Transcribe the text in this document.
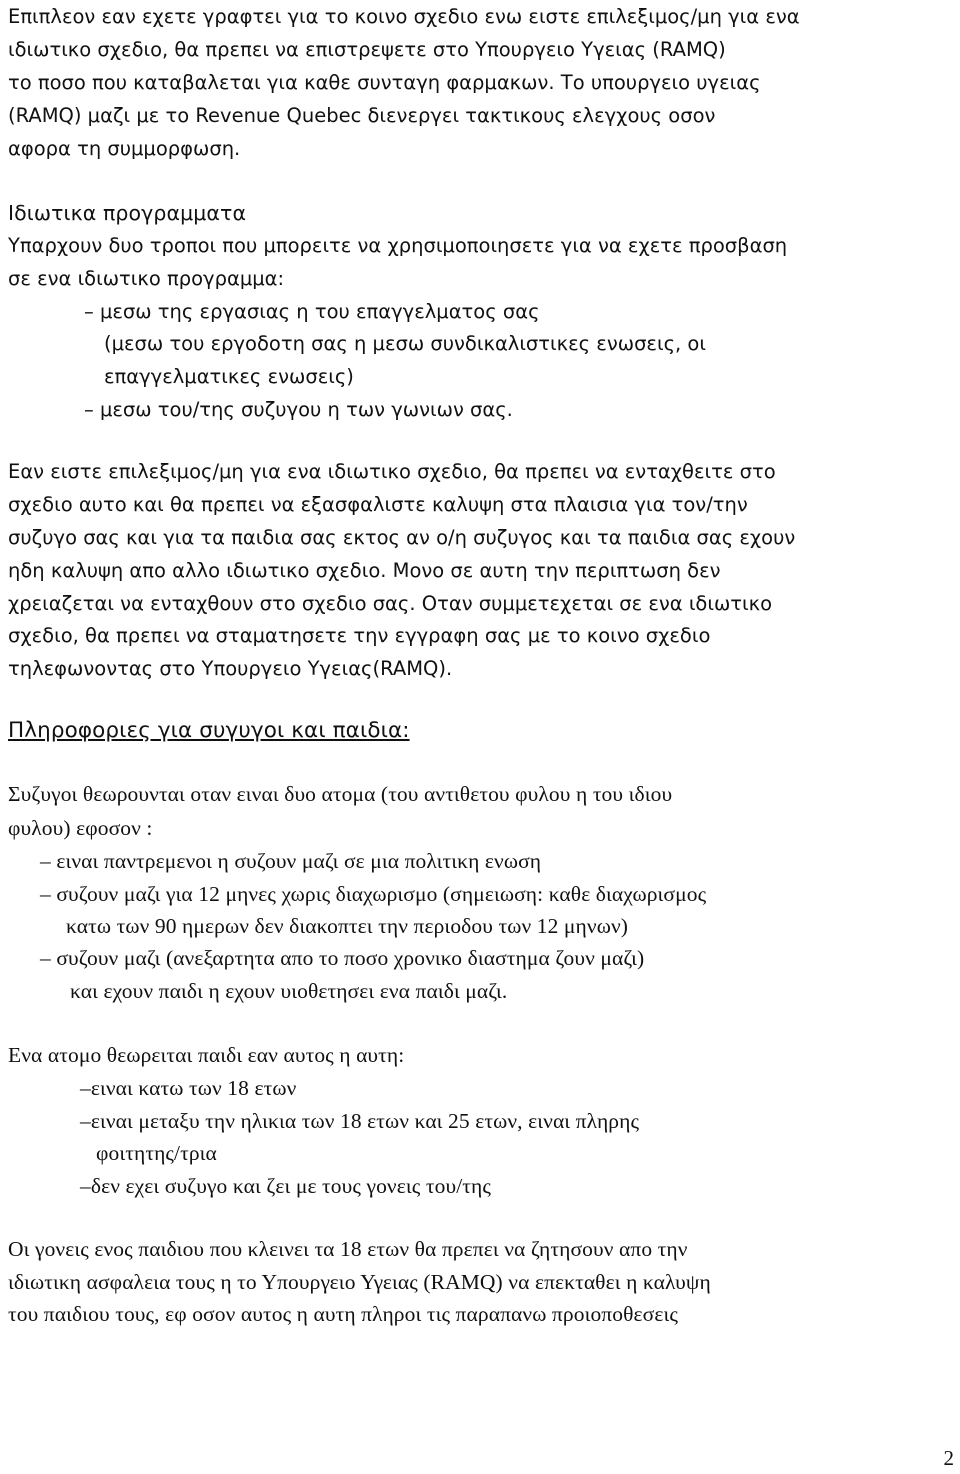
Επιπλεον εαν εχετε γραφτει για το κοινο σχεδιο ενω ειστε επιλεξιμος/μη για ενα
ιδιωτικο σχεδιο, θα πρεπει να επιστρεψετε στο Υπουργειο Υγειας (RAMQ)
το ποσο που καταβαλεται για καθε συνταγη φαρμακων. Το υπουργειο υγειας
(RAMQ) μαζι με το Revenue Quebec διενεργει τακτικους ελεγχους οσον
αφορα τη συμμορφωση.
Ιδιωτικα προγραμματα
Υπαρχουν δυο τροποι που μπορειτε να χρησιμοποιησετε για να εχετε προσβαση
σε ενα ιδιωτικο προγραμμα:
– μεσω της εργασιας η του επαγγελματος σας
(μεσω του εργοδοτη σας η μεσω συνδικαλιστικες ενωσεις, οι
επαγγελματικες ενωσεις)
– μεσω του/της συζυγου η των γωνιων σας.
Εαν ειστε επιλεξιμος/μη για ενα ιδιωτικο σχεδιο, θα πρεπει να ενταχθειτε στο
σχεδιο αυτο και θα πρεπει να εξασφαλιστε καλυψη στα πλαισια για τον/την
συζυγο σας και για τα παιδια σας εκτος αν ο/η συζυγος και τα παιδια σας εχουν
ηδη καλυψη απο αλλο ιδιωτικο σχεδιο. Μονο σε αυτη την περιπτωση δεν
χρειαζεται να ενταχθουν στο σχεδιο σας. Οταν συμμετεχεται σε ενα ιδιωτικο
σχεδιο, θα πρεπει να σταματησετε την εγγραφη σας με το κοινο σχεδιο
τηλεφωνοντας στο Υπουργειο Υγειας(RAMQ).
Πληροφοριες για συγυγοι και παιδια:
Συζυγοι θεωρουνται οταν ειναι δυο ατομα (του αντιθετου φυλου η του ιδιου
φυλου) εφοσον :
– ειναι παντρεμενοι η συζουν μαζι σε μια πολιτικη ενωση
– συζουν μαζι για 12 μηνες χωρις διαχωρισμο (σημειωση: καθε διαχωρισμος
κατω των 90 ημερων δεν διακοπτει την περιοδου των 12 μηνων)
– συζουν μαζι (ανεξαρτητα απο το ποσο χρονικο διαστημα ζουν μαζι)
και εχουν παιδι η εχουν υιοθετησει ενα παιδι μαζι.
Ενα ατομο θεωρειται παιδι εαν αυτος η αυτη:
–ειναι κατω των 18 ετων
–ειναι μεταξυ την ηλικια των 18 ετων και 25 ετων, ειναι πληρης
φοιτητης/τρια
–δεν εχει συζυγο και ζει με τους γονεις του/της
Οι γονεις ενος παιδιου που κλεινει τα 18 ετων θα πρεπει να ζητησουν απο την
ιδιωτικη ασφαλεια τους η το Υπουργειο Υγειας (RAMQ) να επεκταθει η καλυψη
του παιδιου τους, εφ οσον αυτος η αυτη πληροι τις παραπανω προιοποθεσεις
2
